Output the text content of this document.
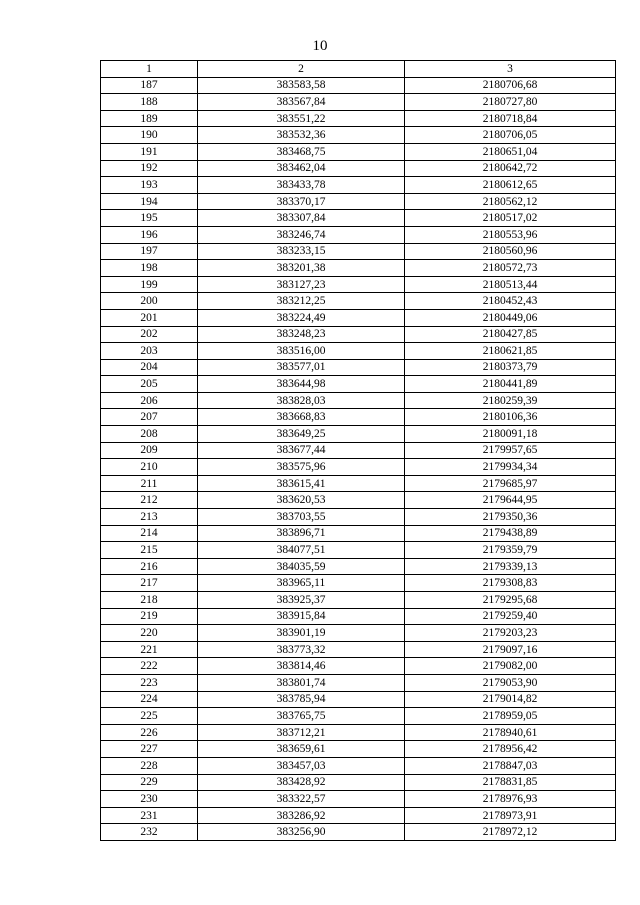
10
1	2	3
187	383583,58	2180706,68
188	383567,84	2180727,80
189	383551,22	2180718,84
190	383532,36	2180706,05
191	383468,75	2180651,04
192	383462,04	2180642,72
193	383433,78	2180612,65
194	383370,17	2180562,12
195	383307,84	2180517,02
196	383246,74	2180553,96
197	383233,15	2180560,96
198	383201,38	2180572,73
199	383127,23	2180513,44
200	383212,25	2180452,43
201	383224,49	2180449,06
202	383248,23	2180427,85
203	383516,00	2180621,85
204	383577,01	2180373,79
205	383644,98	2180441,89
206	383828,03	2180259,39
207	383668,83	2180106,36
208	383649,25	2180091,18
209	383677,44	2179957,65
210	383575,96	2179934,34
211	383615,41	2179685,97
212	383620,53	2179644,95
213	383703,55	2179350,36
214	383896,71	2179438,89
215	384077,51	2179359,79
216	384035,59	2179339,13
217	383965,11	2179308,83
218	383925,37	2179295,68
219	383915,84	2179259,40
220	383901,19	2179203,23
221	383773,32	2179097,16
222	383814,46	2179082,00
223	383801,74	2179053,90
224	383785,94	2179014,82
225	383765,75	2178959,05
226	383712,21	2178940,61
227	383659,61	2178956,42
228	383457,03	2178847,03
229	383428,92	2178831,85
230	383322,57	2178976,93
231	383286,92	2178973,91
232	383256,90	2178972,12
